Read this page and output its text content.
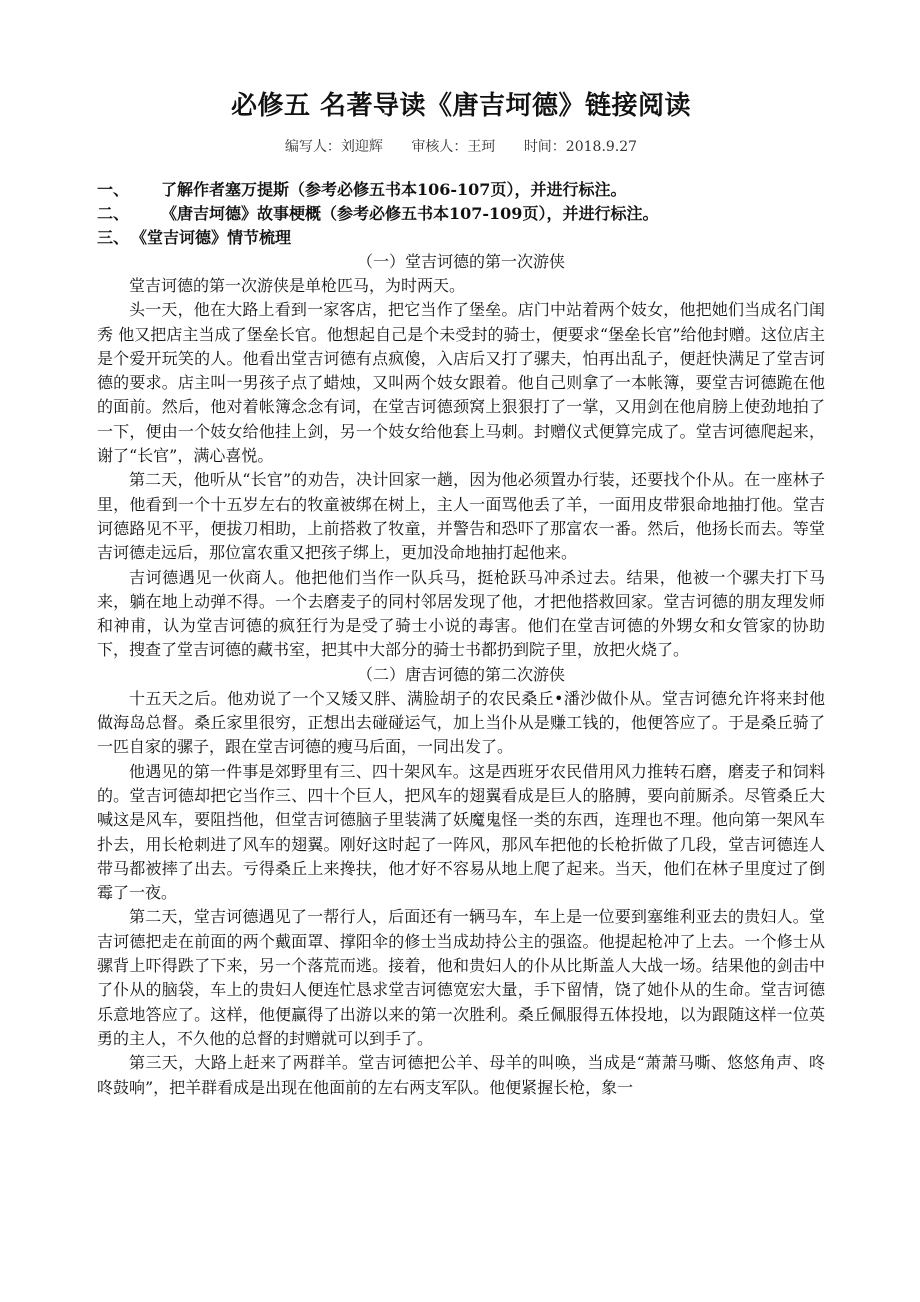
必修五 名著导读《唐吉坷德》链接阅读
编写人：刘迎辉 审核人：王珂 时间：2018.9.27
一、 了解作者塞万提斯（参考必修五书本106-107页），并进行标注。
二、 《唐吉坷德》故事梗概（参考必修五书本107-109页），并进行标注。
三、 《堂吉诃德》情节梳理
（一）堂吉诃德的第一次游侠

堂吉诃德的第一次游侠是单枪匹马，为时两天。

头一天，他在大路上看到一家客店，把它当作了堡垒。店门中站着两个妓女，他把她们当成名门闺秀 他又把店主当成了堡垒长官。他想起自己是个未受封的骑士，便要求“堡垒长官”给他封赠。这位店主是个爱开玩笑的人。他看出堂吉诃德有点疯傻，入店后又打了骡夫，怕再出乱子，便赶快满足了堂吉诃德的要求。店主叫一男孩子点了蜡烛，又叫两个妓女跟着。他自己则拿了一本帐簿，要堂吉诃德跪在他的面前。然后，他对着帐簿念念有词，在堂吉诃德颈窝上狠狠打了一掌，又用剑在他肩膀上使劲地拍了一下，便由一个妓女给他挂上剑，另一个妓女给他套上马刺。封赠仪式便算完成了。堂吉诃德爬起来，谢了“长官”，满心喜悦。

第二天，他听从“长官”的劝告，决计回家一趟，因为他必须置办行装，还要找个仆从。在一座林子里，他看到一个十五岁左右的牧童被绑在树上，主人一面骂他丢了羊，一面用皮带狠命地抽打他。堂吉诃德路见不平，便拔刀相助，上前搭救了牧童，并警告和恐吓了那富农一番。然后，他扬长而去。等堂吉诃德走远后，那位富农重又把孩子绑上，更加没命地抽打起他来。

吉诃德遇见一伙商人。他把他们当作一队兵马，挺枪跃马冲杀过去。结果，他被一个骡夫打下马来，躺在地上动弹不得。一个去磨麦子的同村邻居发现了他，才把他搭救回家。堂吉诃德的朋友理发师和神甫，认为堂吉诃德的疯狂行为是受了骑士小说的毒害。他们在堂吉诃德的外甥女和女管家的协助下，搜查了堂吉诃德的藏书室，把其中大部分的骑士书都扔到院子里，放把火烧了。

（二）唐吉诃德的第二次游侠

十五天之后。他劝说了一个又矮又胖、满脸胡子的农民桑丘•潘沙做仆从。堂吉诃德允许将来封他做海岛总督。桑丘家里很穷，正想出去碰碰运气，加上当仆从是赚工钱的，他便答应了。于是桑丘骑了一匹自家的骡子，跟在堂吉诃德的瘦马后面，一同出发了。

他遇见的第一件事是郊野里有三、四十架风车。这是西班牙农民借用风力推转石磨，磨麦子和饲料的。堂吉诃德却把它当作三、四十个巨人，把风车的翅翼看成是巨人的胳膊，要向前厮杀。尽管桑丘大喊这是风车，要阻挡他，但堂吉诃德脑子里装满了妖魔鬼怪一类的东西，连理也不理。他向第一架风车扑去，用长枪刺进了风车的翅翼。刚好这时起了一阵风，那风车把他的长枪折做了几段，堂吉诃德连人带马都被摔了出去。亏得桑丘上来搀扶，他才好不容易从地上爬了起来。当天，他们在林子里度过了倒霉了一夜。

第二天，堂吉诃德遇见了一帮行人，后面还有一辆马车，车上是一位要到塞维利亚去的贵妇人。堂吉诃德把走在前面的两个戴面罩、撑阳伞的修士当成劫持公主的强盗。他提起枪冲了上去。一个修士从骡背上吓得跌了下来，另一个落荒而逃。接着，他和贵妇人的仆从比斯盖人大战一场。结果他的剑击中了仆从的脑袋，车上的贵妇人便连忙恳求堂吉诃德宽宏大量，手下留情，饶了她仆从的生命。堂吉诃德乐意地答应了。这样，他便赢得了出游以来的第一次胜利。桑丘佩服得五体投地，以为跟随这样一位英勇的主人，不久他的总督的封赠就可以到手了。

第三天，大路上赶来了两群羊。堂吉诃德把公羊、母羊的叫唤，当成是“萧萧马嘶、悠悠角声、咚咚鼓响”，把羊群看成是出现在他面前的左右两支军队。他便紧握长枪，象一
